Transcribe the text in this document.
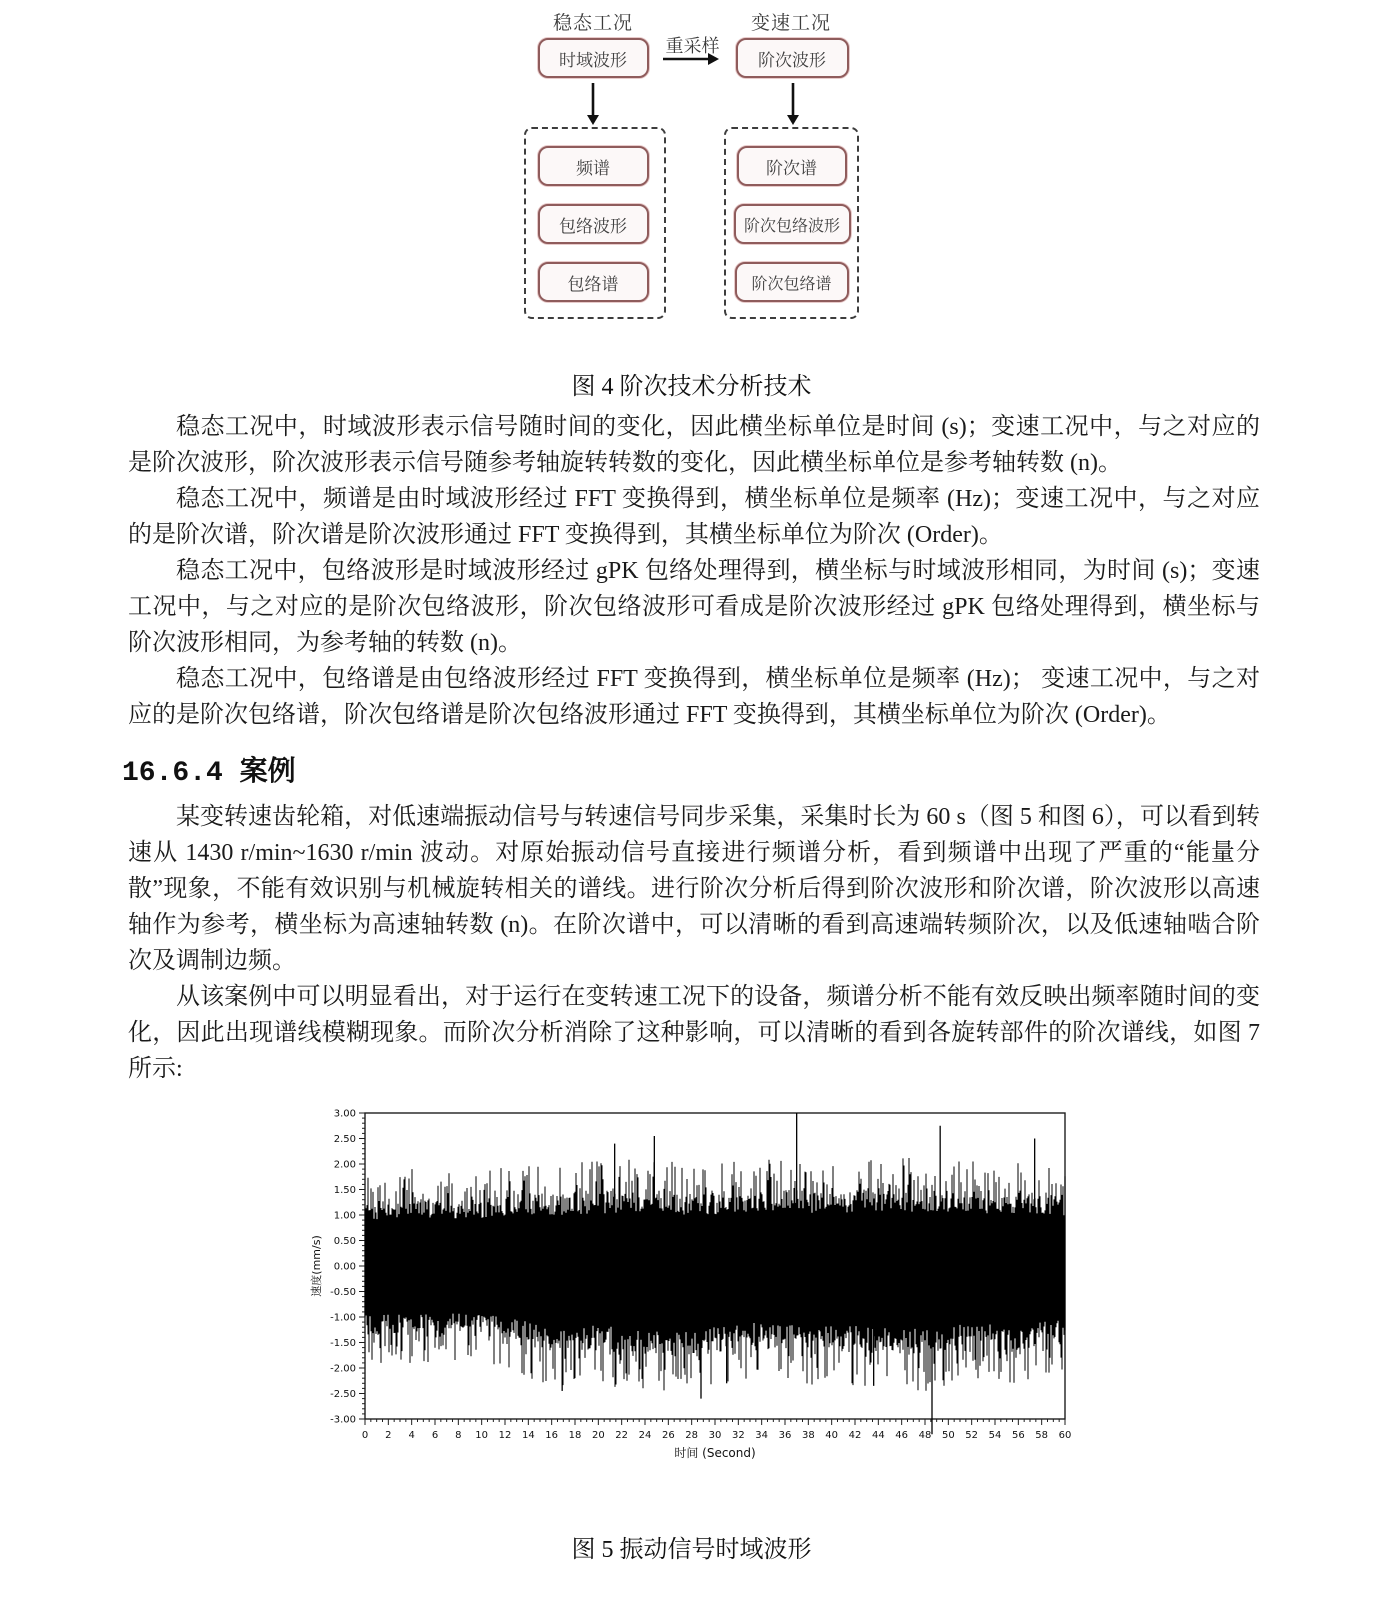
稳态工况	变速工况
时域波形	阶次波形
重采样
频谱
包络波形
包络谱
阶次谱
阶次包络波形
阶次包络谱
图 4 阶次技术分析技术

稳态工况中，时域波形表示信号随时间的变化，因此横坐标单位是时间 (s)；变速工况中，与之对应的是阶次波形，阶次波形表示信号随参考轴旋转转数的变化，因此横坐标单位是参考轴转数 (n)。

稳态工况中，频谱是由时域波形经过 FFT 变换得到，横坐标单位是频率 (Hz)；变速工况中，与之对应的是阶次谱，阶次谱是阶次波形通过 FFT 变换得到，其横坐标单位为阶次 (Order)。

稳态工况中，包络波形是时域波形经过 gPK 包络处理得到，横坐标与时域波形相同，为时间 (s)；变速工况中，与之对应的是阶次包络波形，阶次包络波形可看成是阶次波形经过 gPK 包络处理得到，横坐标与阶次波形相同，为参考轴的转数 (n)。

稳态工况中，包络谱是由包络波形经过 FFT 变换得到，横坐标单位是频率 (Hz)； 变速工况中，与之对应的是阶次包络谱，阶次包络谱是阶次包络波形通过 FFT 变换得到，其横坐标单位为阶次 (Order)。

16.6.4 案例

某变转速齿轮箱，对低速端振动信号与转速信号同步采集，采集时长为 60 s（图 5 和图 6），可以看到转速从 1430 r/min~1630 r/min 波动。对原始振动信号直接进行频谱分析，看到频谱中出现了严重的“能量分散”现象，不能有效识别与机械旋转相关的谱线。进行阶次分析后得到阶次波形和阶次谱，阶次波形以高速轴作为参考，横坐标为高速轴转数 (n)。在阶次谱中，可以清晰的看到高速端转频阶次，以及低速轴啮合阶次及调制边频。

从该案例中可以明显看出，对于运行在变转速工况下的设备，频谱分析不能有效反映出频率随时间的变化，因此出现谱线模糊现象。而阶次分析消除了这种影响，可以清晰的看到各旋转部件的阶次谱线，如图 7 所示:

-3.00
-2.50
-2.00
-1.50
-1.00
-0.50
0.00
0.50
1.00
1.50
2.00
2.50
3.00
0 2 4 6 8 10 12 14 16 18 20 22 24 26 28 30 32 34 36 38 40 42 44 46 48 50 52 54 56 58 60
时间 (Second)
速度(mm/s)
图 5 振动信号时域波形
